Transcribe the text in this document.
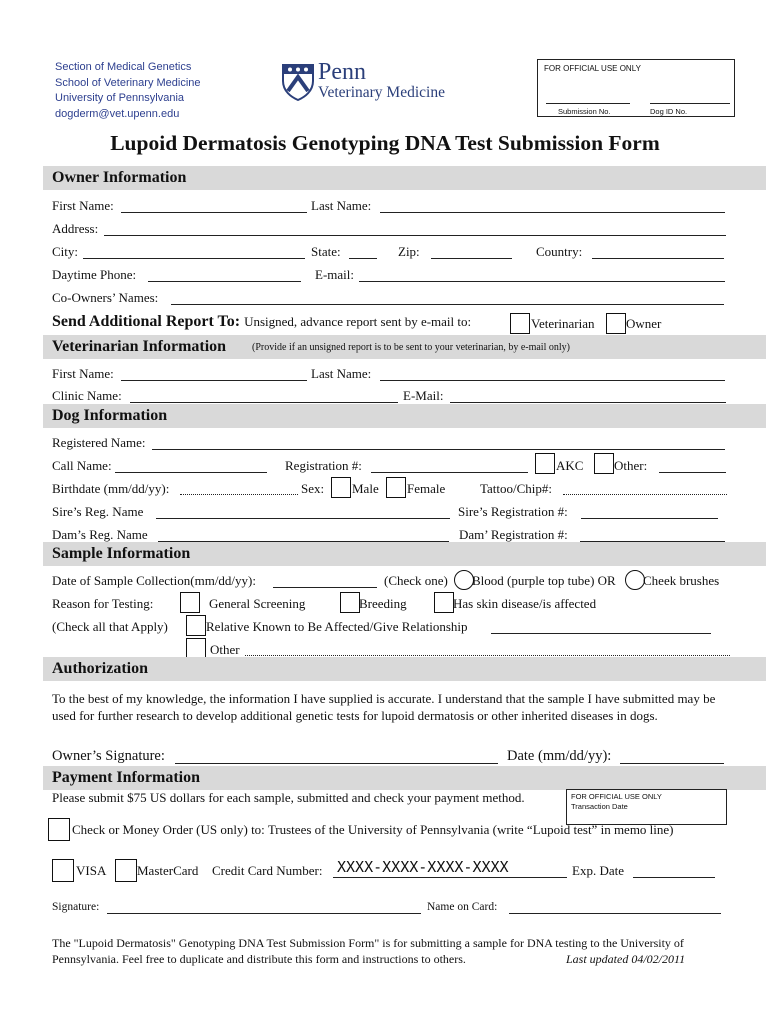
Section of Medical Genetics
School of Veterinary Medicine
University of Pennsylvania
dogderm@vet.upenn.edu
Penn
Veterinary Medicine
FOR OFFICIAL USE ONLY
Submission No.	Dog ID No.
Lupoid Dermatosis Genotyping DNA Test Submission Form
Owner Information
First Name:	Last Name:
Address:
City:	State:	Zip:	Country:
Daytime Phone:	E-mail:
Co-Owners’ Names:
Send Additional Report To: Unsigned, advance report sent by e-mail to:	Veterinarian Owner
Veterinarian Information	(Provide if an unsigned report is to be sent to your veterinarian, by e-mail only)
First Name:	Last Name:
Clinic Name:	E-Mail:
Dog Information
Registered Name:
Call Name:	Registration #:	AKC Other:
Birthdate (mm/dd/yy):	Sex: Male Female	Tattoo/Chip#:
Sire’s Reg. Name	Sire’s Registration #:
Dam’s Reg. Name	Dam’ Registration #:
Sample Information
Date of Sample Collection(mm/dd/yy):	(Check one) Blood (purple top tube) OR Cheek brushes
Reason for Testing:	General Screening	Breeding	Has skin disease/is affected
(Check all that Apply)	Relative Known to Be Affected/Give Relationship
Other
Authorization
To the best of my knowledge, the information I have supplied is accurate. I understand that the sample I have submitted may be used for further research to develop additional genetic tests for lupoid dermatosis or other inherited diseases in dogs.
Owner’s Signature:	Date (mm/dd/yy):
Payment Information
Please submit $75 US dollars for each sample, submitted and check your payment method.	FOR OFFICIAL USE ONLY
Transaction Date
Check or Money Order (US only) to: Trustees of the University of Pennsylvania (write “Lupoid test” in memo line)
VISA MasterCard Credit Card Number: XXXX-XXXX-XXXX-XXXX	Exp. Date
Signature:	Name on Card:
The "Lupoid Dermatosis" Genotyping DNA Test Submission Form" is for submitting a sample for DNA testing to the University of
Pennsylvania. Feel free to duplicate and distribute this form and instructions to others.	Last updated 04/02/2011
